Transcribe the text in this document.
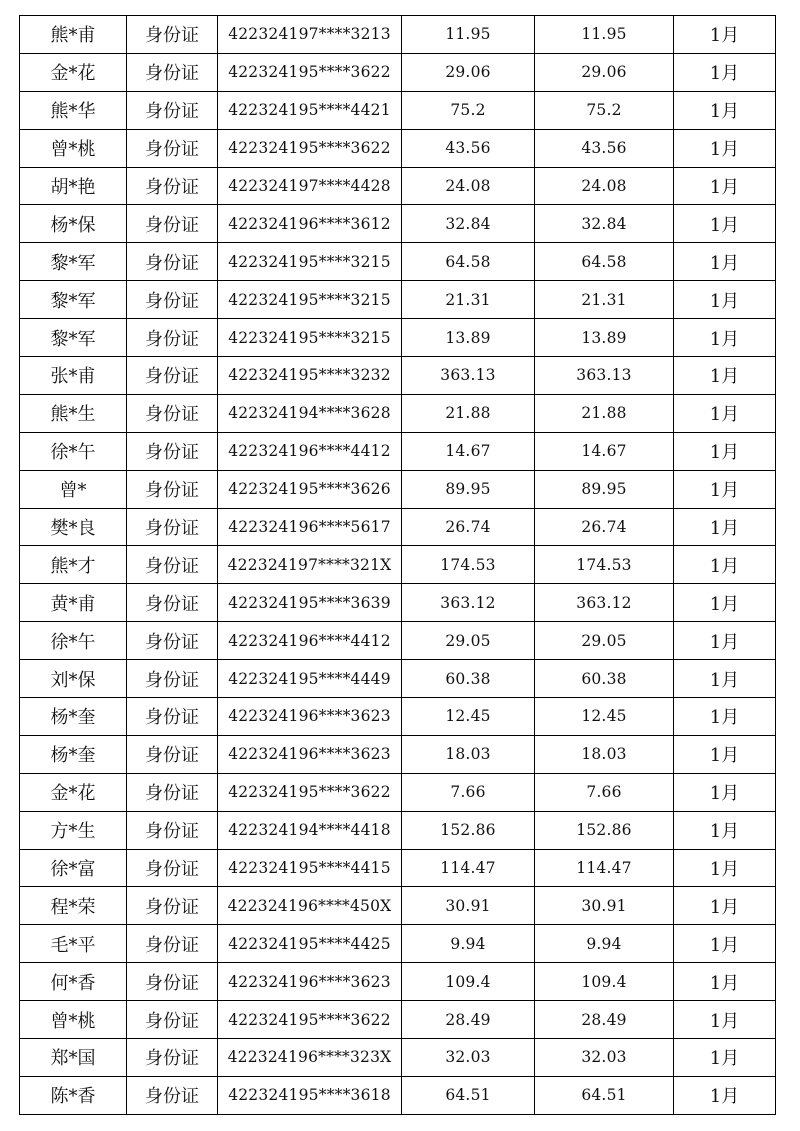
熊*甫	身份证	422324197****3213	11.95	11.95	1月
金*花	身份证	422324195****3622	29.06	29.06	1月
熊*华	身份证	422324195****4421	75.2	75.2	1月
曾*桃	身份证	422324195****3622	43.56	43.56	1月
胡*艳	身份证	422324197****4428	24.08	24.08	1月
杨*保	身份证	422324196****3612	32.84	32.84	1月
黎*军	身份证	422324195****3215	64.58	64.58	1月
黎*军	身份证	422324195****3215	21.31	21.31	1月
黎*军	身份证	422324195****3215	13.89	13.89	1月
张*甫	身份证	422324195****3232	363.13	363.13	1月
熊*生	身份证	422324194****3628	21.88	21.88	1月
徐*午	身份证	422324196****4412	14.67	14.67	1月
曾*	身份证	422324195****3626	89.95	89.95	1月
樊*良	身份证	422324196****5617	26.74	26.74	1月
熊*才	身份证	422324197****321X	174.53	174.53	1月
黄*甫	身份证	422324195****3639	363.12	363.12	1月
徐*午	身份证	422324196****4412	29.05	29.05	1月
刘*保	身份证	422324195****4449	60.38	60.38	1月
杨*奎	身份证	422324196****3623	12.45	12.45	1月
杨*奎	身份证	422324196****3623	18.03	18.03	1月
金*花	身份证	422324195****3622	7.66	7.66	1月
方*生	身份证	422324194****4418	152.86	152.86	1月
徐*富	身份证	422324195****4415	114.47	114.47	1月
程*荣	身份证	422324196****450X	30.91	30.91	1月
毛*平	身份证	422324195****4425	9.94	9.94	1月
何*香	身份证	422324196****3623	109.4	109.4	1月
曾*桃	身份证	422324195****3622	28.49	28.49	1月
郑*国	身份证	422324196****323X	32.03	32.03	1月
陈*香	身份证	422324195****3618	64.51	64.51	1月
